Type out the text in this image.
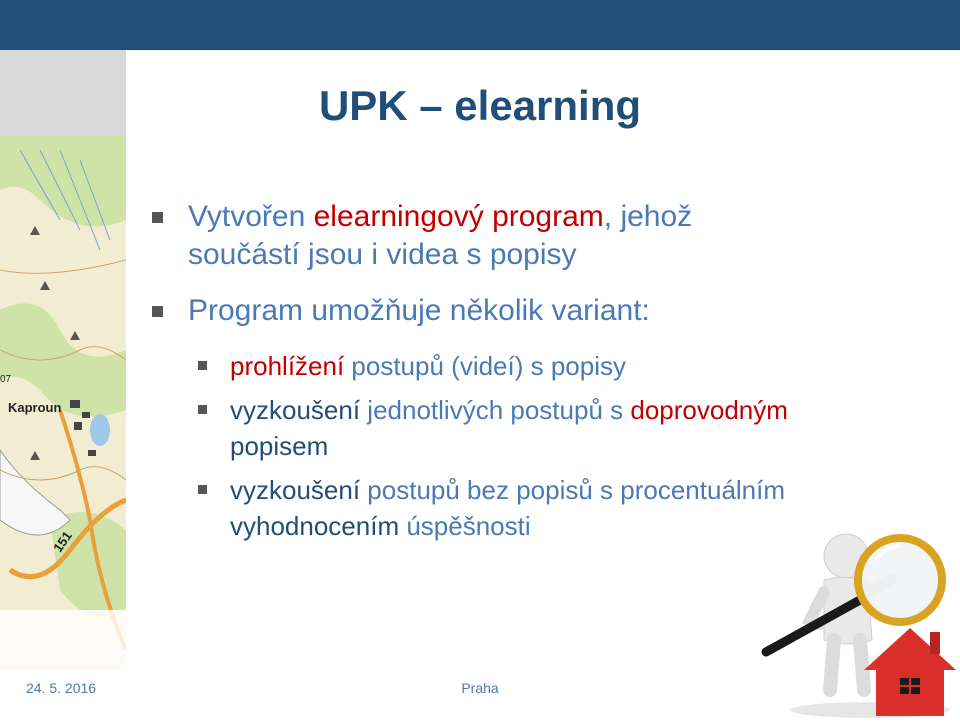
Kaproun
07
151
UPK – elearning
Vytvořen elearningový program, jehož
součástí jsou i videa s popisy
Program umožňuje několik variant:
prohlížení postupů (videí) s popisy
vyzkoušení jednotlivých postupů s doprovodným
popisem
vyzkoušení postupů bez popisů s procentuálním
vyhodnocením úspěšnosti
24. 5. 2016	Praha
